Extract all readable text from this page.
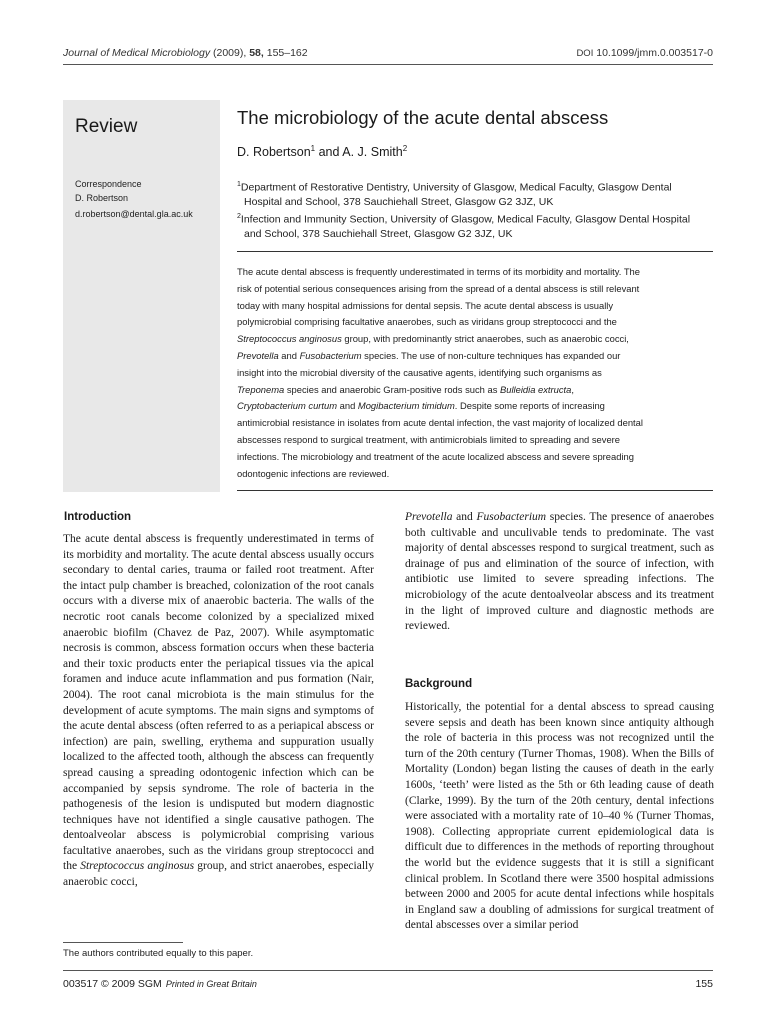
Journal of Medical Microbiology (2009), 58, 155–162	DOI 10.1099/jmm.0.003517-0
Review
Correspondence
D. Robertson
d.robertson@dental.gla.ac.uk
The microbiology of the acute dental abscess
D. Robertson$^1$ and A. J. Smith$^2$
$^1$Department of Restorative Dentistry, University of Glasgow, Medical Faculty, Glasgow Dental
Hospital and School, 378 Sauchiehall Street, Glasgow G2 3JZ, UK
$^2$Infection and Immunity Section, University of Glasgow, Medical Faculty, Glasgow Dental Hospital
and School, 378 Sauchiehall Street, Glasgow G2 3JZ, UK
The acute dental abscess is frequently underestimated in terms of its morbidity and mortality. The
risk of potential serious consequences arising from the spread of a dental abscess is still relevant
today with many hospital admissions for dental sepsis. The acute dental abscess is usually
polymicrobial comprising facultative anaerobes, such as viridans group streptococci and the
Streptococcus anginosus group, with predominantly strict anaerobes, such as anaerobic cocci,
Prevotella and Fusobacterium species. The use of non-culture techniques has expanded our
insight into the microbial diversity of the causative agents, identifying such organisms as
Treponema species and anaerobic Gram-positive rods such as Bulleidia extructa,
Cryptobacterium curtum and Mogibacterium timidum. Despite some reports of increasing
antimicrobial resistance in isolates from acute dental infection, the vast majority of localized dental
abscesses respond to surgical treatment, with antimicrobials limited to spreading and severe
infections. The microbiology and treatment of the acute localized abscess and severe spreading
odontogenic infections are reviewed.
Introduction
The acute dental abscess is frequently underestimated in terms of its morbidity and mortality. The acute dental abscess usually occurs secondary to dental caries, trauma or failed root treatment. After the intact pulp chamber is breached, colonization of the root canals occurs with a diverse mix of anaerobic bacteria. The walls of the necrotic root canals become colonized by a specialized mixed anaerobic biofilm (Chavez de Paz, 2007). While asymptomatic necrosis is common, abscess formation occurs when these bacteria and their toxic products enter the periapical tissues via the apical foramen and induce acute inflammation and pus formation (Nair, 2004). The root canal microbiota is the main stimulus for the development of acute symptoms. The main signs and symptoms of the acute dental abscess (often referred to as a periapical abscess or infection) are pain, swelling, erythema and suppuration usually localized to the affected tooth, although the abscess can frequently spread causing a spreading odontogenic infection which can be accompanied by sepsis syndrome. The role of bacteria in the pathogenesis of the lesion is undisputed but modern diagnostic techniques have not identified a single causative pathogen. The dentoalveolar abscess is polymicrobial comprising various facultative anaerobes, such as the viridans group streptococci and the Streptococcus anginosus group, and strict anaerobes, especially anaerobic cocci,
Prevotella and Fusobacterium species. The presence of anaerobes both cultivable and unculivable tends to predominate. The vast majority of dental abscesses respond to surgical treatment, such as drainage of pus and elimination of the source of infection, with antibiotic use limited to severe spreading infections. The microbiology of the acute dentoalveolar abscess and its treatment in the light of improved culture and diagnostic methods are reviewed.
Background
Historically, the potential for a dental abscess to spread causing severe sepsis and death has been known since antiquity although the role of bacteria in this process was not recognized until the turn of the 20th century (Turner Thomas, 1908). When the Bills of Mortality (London) began listing the causes of death in the early 1600s, ‘teeth’ were listed as the 5th or 6th leading cause of death (Clarke, 1999). By the turn of the 20th century, dental infections were associated with a mortality rate of 10–40 % (Turner Thomas, 1908). Collecting appropriate current epidemiological data is difficult due to differences in the methods of reporting throughout the world but the evidence suggests that it is still a significant clinical problem. In Scotland there were 3500 hospital admissions between 2000 and 2005 for acute dental infections while hospitals in England saw a doubling of admissions for surgical treatment of dental abscesses over a similar period
The authors contributed equally to this paper.
003517 © 2009 SGM Printed in Great Britain	155
